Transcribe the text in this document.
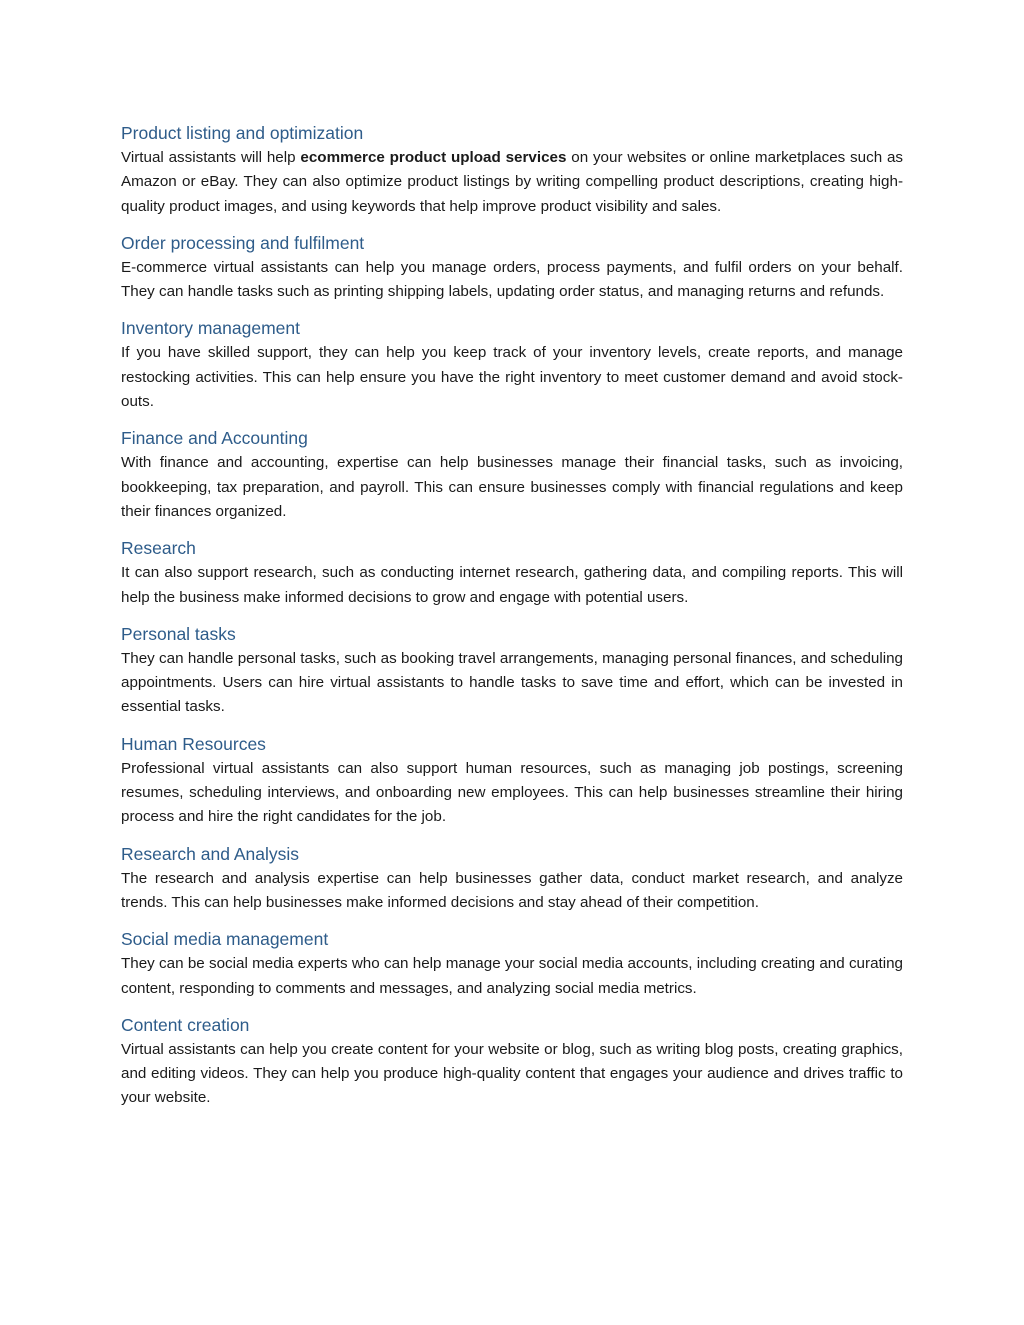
Product listing and optimization

Virtual assistants will help ecommerce product upload services on your websites or online marketplaces such as Amazon or eBay. They can also optimize product listings by writing compelling product descriptions, creating high-quality product images, and using keywords that help improve product visibility and sales.

Order processing and fulfilment

E-commerce virtual assistants can help you manage orders, process payments, and fulfil orders on your behalf. They can handle tasks such as printing shipping labels, updating order status, and managing returns and refunds.

Inventory management

If you have skilled support, they can help you keep track of your inventory levels, create reports, and manage restocking activities. This can help ensure you have the right inventory to meet customer demand and avoid stock-outs.

Finance and Accounting

With finance and accounting, expertise can help businesses manage their financial tasks, such as invoicing, bookkeeping, tax preparation, and payroll. This can ensure businesses comply with financial regulations and keep their finances organized.

Research

It can also support research, such as conducting internet research, gathering data, and compiling reports. This will help the business make informed decisions to grow and engage with potential users.

Personal tasks

They can handle personal tasks, such as booking travel arrangements, managing personal finances, and scheduling appointments. Users can hire virtual assistants to handle tasks to save time and effort, which can be invested in essential tasks.

Human Resources

Professional virtual assistants can also support human resources, such as managing job postings, screening resumes, scheduling interviews, and onboarding new employees. This can help businesses streamline their hiring process and hire the right candidates for the job.

Research and Analysis

The research and analysis expertise can help businesses gather data, conduct market research, and analyze trends. This can help businesses make informed decisions and stay ahead of their competition.

Social media management

They can be social media experts who can help manage your social media accounts, including creating and curating content, responding to comments and messages, and analyzing social media metrics.

Content creation

Virtual assistants can help you create content for your website or blog, such as writing blog posts, creating graphics, and editing videos. They can help you produce high-quality content that engages your audience and drives traffic to your website.
